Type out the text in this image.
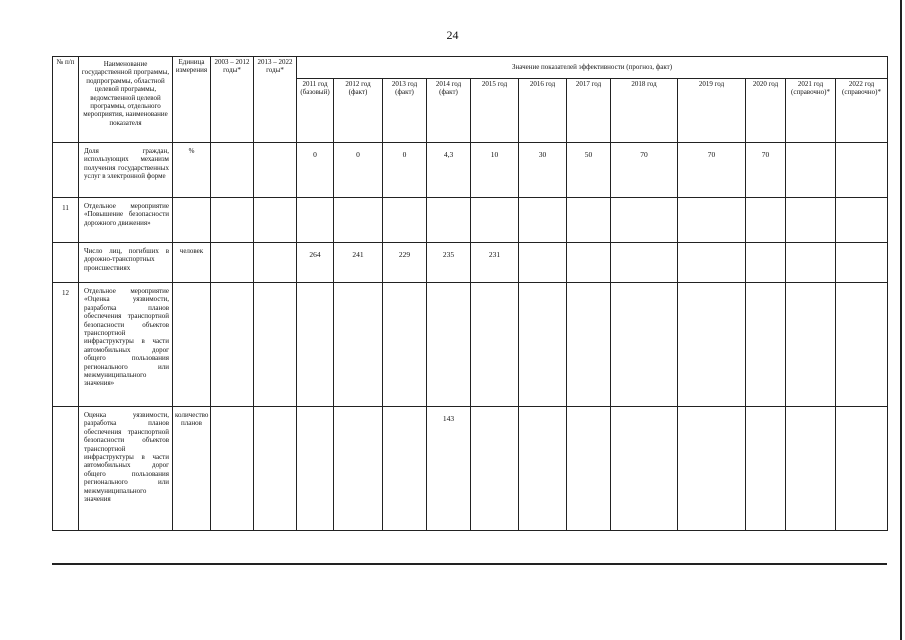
24
№ п/п	Наименование государственной программы, подпрограммы, областной целевой программы, ведомственной целевой программы, отдельного мероприятия, наименование показателя	Единица измерения	2003 – 2012 годы*	2013 – 2022 годы*	Значение показателей эффективности (прогноз, факт)											
					2011 год (базовый)	2012 год (факт)	2013 год (факт)	2014 год (факт)	2015 год	2016 год	2017 год	2018 год	2019 год	2020 год	2021 год (справочно)*	2022 год (справочно)*
	Доля граждан, использующих механизм получения государственных услуг в электронной форме	%			0	0	0	4,3	10	30	50	70	70	70		
11	Отдельное мероприятие «Повышение безопасности дорожного движения»															
	Число лиц, погибших в дорожно-транспортных происшествиях	человек			264	241	229	235	231							
12	Отдельное мероприятие «Оценка уязвимости, разработка планов обеспечения транспортной безопасности объектов транспортной инфраструктуры в части автомобильных дорог общего пользования регионального или межмуниципального значения»															
	Оценка уязвимости, разработка планов обеспечения транспортной безопасности объектов транспортной инфраструктуры в части автомобильных дорог общего пользования регионального или межмуниципального значения	количество планов						143								
